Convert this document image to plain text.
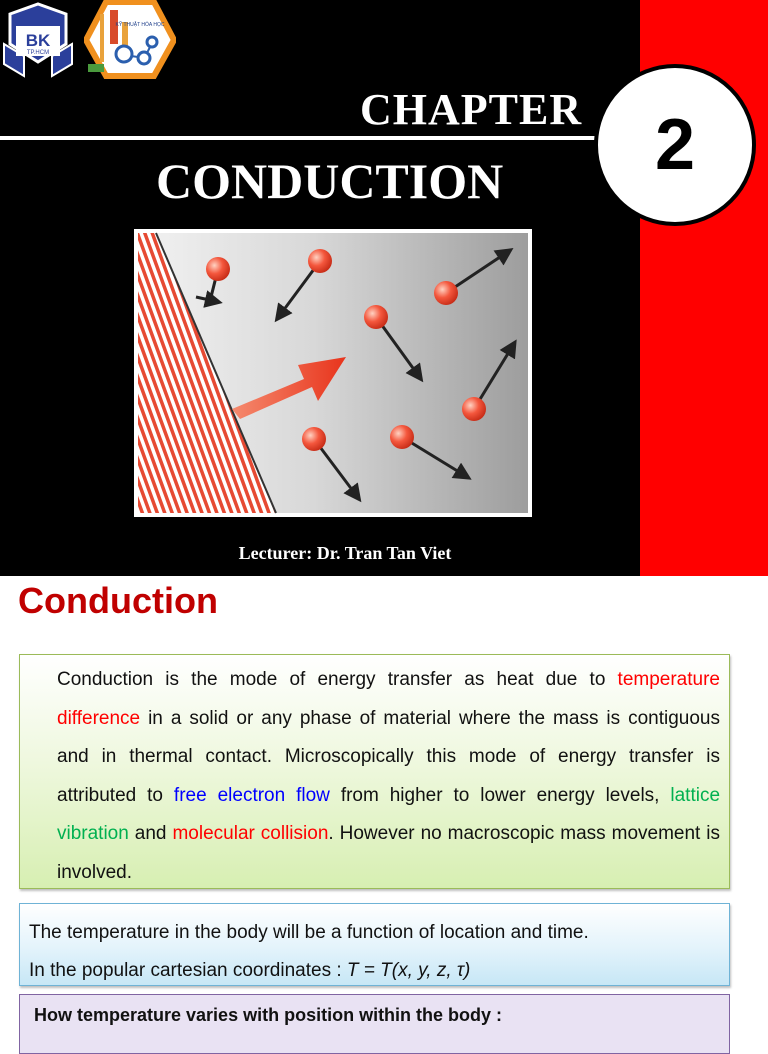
BK
TP.HCM
KỸ THUẬT HÓA HỌC
CHAPTER
CONDUCTION 2
Lecturer: Dr. Tran Tan Viet
Conduction

Conduction is the mode of energy transfer as heat due to temperature difference in a solid or any phase of material where the mass is contiguous and in thermal contact. Microscopically this mode of energy transfer is attributed to free electron flow from higher to lower energy levels, lattice vibration and molecular collision. However no macroscopic mass movement is involved.

The temperature in the body will be a function of location and time.

In the popular cartesian coordinates : T = T(x, y, z, τ)

How temperature varies with position within the body :
